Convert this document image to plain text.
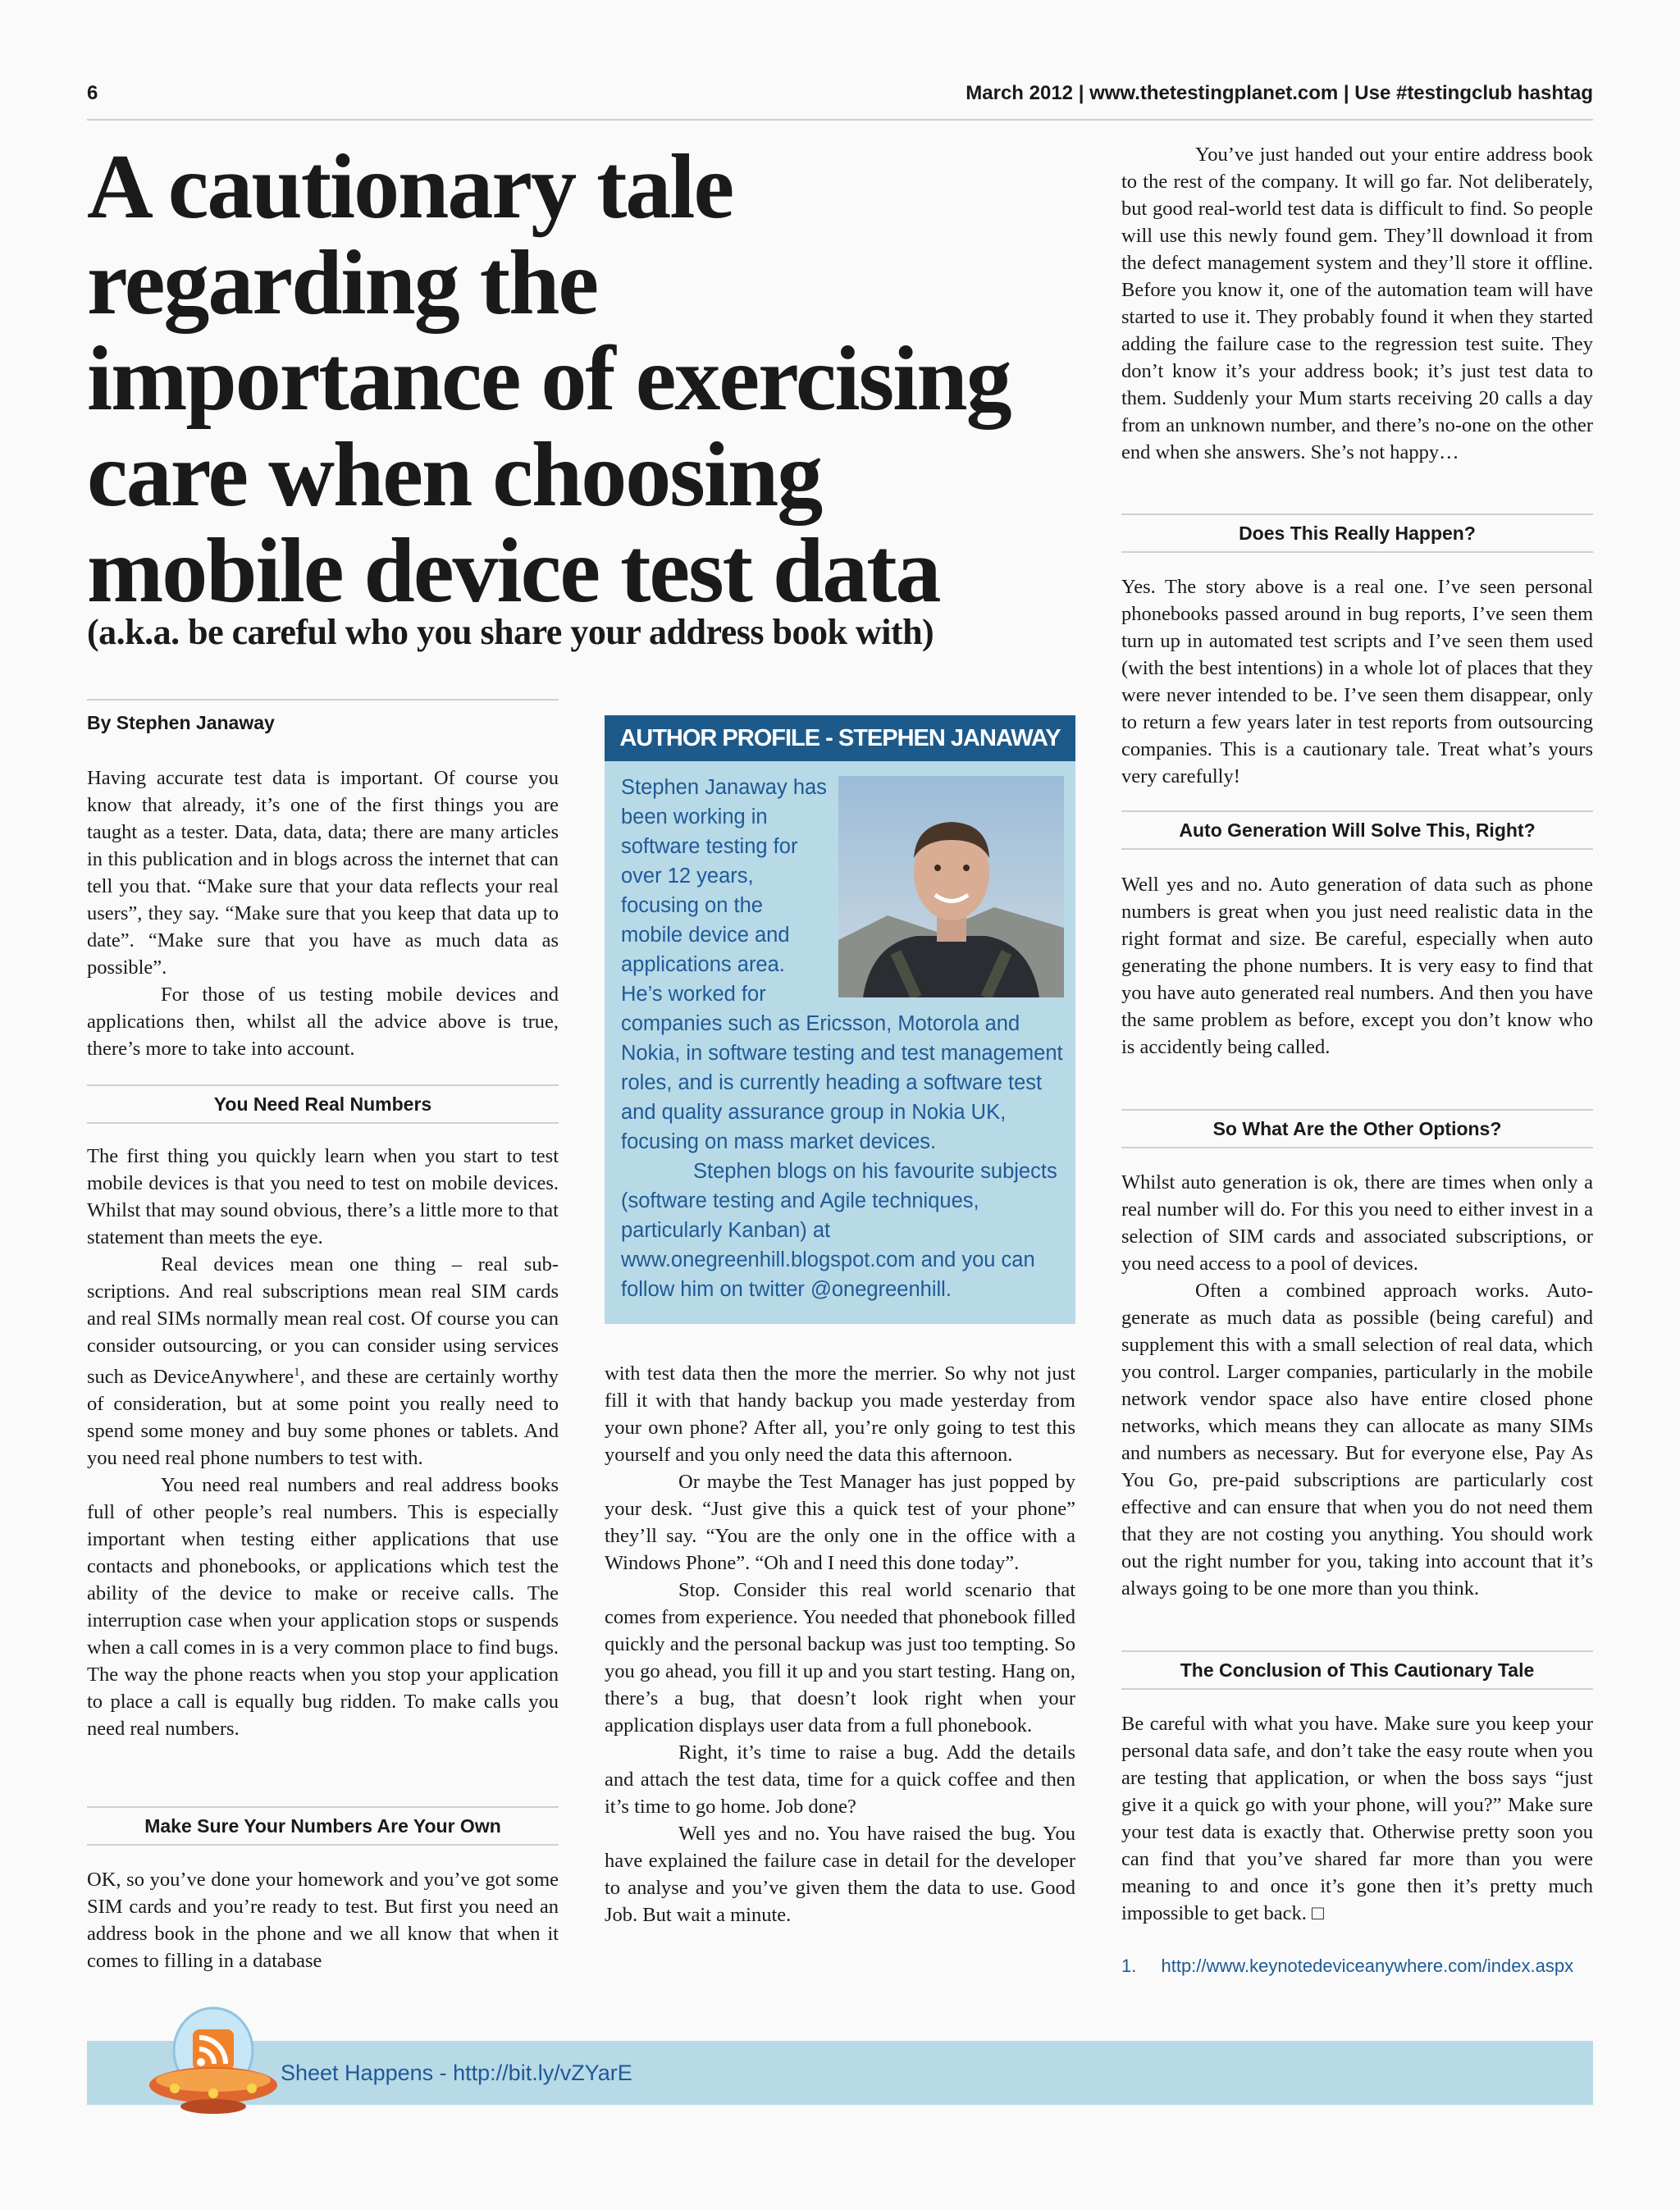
6	March 2012 | www.thetestingplanet.com | Use #testingclub hashtag
A cautionary tale
regarding the
importance of exercising
care when choosing
mobile device test data
(a.k.a. be careful who you share your address book with)
By Stephen Janaway

Having accurate test data is important. Of course you know that already, it’s one of the first things you are taught as a tester. Data, data, data; there are many articles in this publication and in blogs across the internet that can tell you that. “Make sure that your data reflects your real users”, they say. “Make sure that you keep that data up to date”. “Make sure that you have as much data as possible”.

For those of us testing mobile devices and applications then, whilst all the advice above is true, there’s more to take into account.

You Need Real Numbers

The first thing you quickly learn when you start to test mobile devices is that you need to test on mobile devices. Whilst that may sound obvious, there’s a little more to that statement than meets the eye.

Real devices mean one thing – real sub-scriptions. And real subscriptions mean real SIM cards and real SIMs normally mean real cost. Of course you can consider outsourcing, or you can consider using services such as DeviceAnywhere$^1$, and these are certainly worthy of consideration, but at some point you really need to spend some money and buy some phones or tablets. And you need real phone numbers to test with.

You need real numbers and real address books full of other people’s real numbers. This is especially important when testing either applications that use contacts and phonebooks, or applications which test the ability of the device to make or receive calls. The interruption case when your application stops or suspends when a call comes in is a very common place to find bugs. The way the phone reacts when you stop your application to place a call is equally bug ridden. To make calls you need real numbers.

Make Sure Your Numbers Are Your Own

OK, so you’ve done your homework and you’ve got some SIM cards and you’re ready to test. But first you need an address book in the phone and we all know that when it comes to filling in a database

AUTHOR PROFILE - STEPHEN JANAWAY

Stephen Janaway has been working in software testing for over 12 years, focusing on the mobile device and applications area. He’s worked for companies such as Ericsson, Motorola and Nokia, in software testing and test management roles, and is currently heading a software test and quality assurance group in Nokia UK, focusing on mass market devices.

Stephen blogs on his favourite subjects (software testing and Agile techniques, particularly Kanban) at www.onegreenhill.blogspot.com and you can follow him on twitter @onegreenhill.

with test data then the more the merrier. So why not just fill it with that handy backup you made yesterday from your own phone? After all, you’re only going to test this yourself and you only need the data this afternoon.

Or maybe the Test Manager has just popped by your desk. “Just give this a quick test of your phone” they’ll say. “You are the only one in the office with a Windows Phone”. “Oh and I need this done today”.

Stop. Consider this real world scenario that comes from experience. You needed that phonebook filled quickly and the personal backup was just too tempting. So you go ahead, you fill it up and you start testing. Hang on, there’s a bug, that doesn’t look right when your application displays user data from a full phonebook.

Right, it’s time to raise a bug. Add the details and attach the test data, time for a quick coffee and then it’s time to go home. Job done?

Well yes and no. You have raised the bug. You have explained the failure case in detail for the developer to analyse and you’ve given them the data to use. Good Job. But wait a minute.

You’ve just handed out your entire address book to the rest of the company. It will go far. Not deliberately, but good real-world test data is difficult to find. So people will use this newly found gem. They’ll download it from the defect management system and they’ll store it offline. Before you know it, one of the automation team will have started to use it. They probably found it when they started adding the failure case to the regression test suite. They don’t know it’s your address book; it’s just test data to them. Suddenly your Mum starts receiving 20 calls a day from an unknown number, and there’s no-one on the other end when she answers. She’s not happy…

Does This Really Happen?

Yes. The story above is a real one. I’ve seen personal phonebooks passed around in bug reports, I’ve seen them turn up in automated test scripts and I’ve seen them used (with the best intentions) in a whole lot of places that they were never intended to be. I’ve seen them disappear, only to return a few years later in test reports from outsourcing companies. This is a cautionary tale. Treat what’s yours very carefully!

Auto Generation Will Solve This, Right?

Well yes and no. Auto generation of data such as phone numbers is great when you just need realistic data in the right format and size. Be careful, especially when auto generating the phone numbers. It is very easy to find that you have auto generated real numbers. And then you have the same problem as before, except you don’t know who is accidently being called.

So What Are the Other Options?

Whilst auto generation is ok, there are times when only a real number will do. For this you need to either invest in a selection of SIM cards and associated subscriptions, or you need access to a pool of devices.

Often a combined approach works. Auto-generate as much data as possible (being careful) and supplement this with a small selection of real data, which you control. Larger companies, particularly in the mobile network vendor space also have entire closed phone networks, which means they can allocate as many SIMs and numbers as necessary. But for everyone else, Pay As You Go, pre-paid subscriptions are particularly cost effective and can ensure that when you do not need them that they are not costing you anything. You should work out the right number for you, taking into account that it’s always going to be one more than you think.

The Conclusion of This Cautionary Tale

Be careful with what you have. Make sure you keep your personal data safe, and don’t take the easy route when you are testing that application, or when the boss says “just give it a quick go with your phone, will you?” Make sure your test data is exactly that. Otherwise pretty soon you can find that you’ve shared far more than you were meaning to and once it’s gone then it’s pretty much impossible to get back. □

1. http://www.keynotedeviceanywhere.com/index.aspx
Sheet Happens - http://bit.ly/vZYarE
